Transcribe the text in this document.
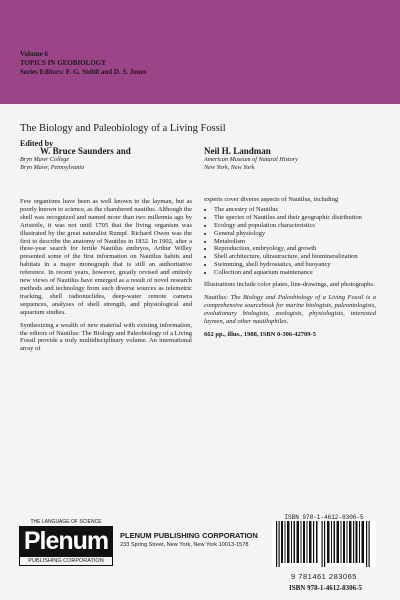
Volume 6
TOPICS IN GEOBIOLOGY
Series Editors: F. G. Stehli and D. S. Jones
The Biology and Paleobiology of a Living Fossil
Edited by
W. Bruce Saunders and
Bryn Mawr College
Bryn Mawr, Pennsylvania
Neil H. Landman
American Museum of Natural History
New York, New York

Few organisms have been as well known to the layman, but as poorly known to science, as the chambered nautilus. Although the shell was recognized and named more than two millennia ago by Aristotle, it was not until 1705 that the living organism was illustrated by the great naturalist Rumpf. Richard Owen was the first to describe the anatomy of Nautilus in 1832. In 1902, after a three-year search for fertile Nautilus embryos, Arthur Willey presented some of the first information on Nautilus habits and habitats in a major monograph that is still an authoritative reference. In recent years, however, greatly revised and entirely new views of Nautilus have emerged as a result of novel research methods and technology from such diverse sources as telemetric tracking, shell radionuclides, deep-water remote camera sequences, analyses of shell strength, and physiological and aquarium studies.

Synthesizing a wealth of new material with existing information, the editors of Nautilus: The Biology and Paleobiology of a Living Fossil provide a truly multidisciplinary volume. An international array of

experts cover diverse aspects of Nautilus, including

• The ancestry of Nautilus
• The species of Nautilus and their geographic distribution
• Ecology and population characteristics
• General physiology
• Metabolism
• Reproduction, embryology, and growth
• Shell architecture, ultrastructure, and biomineralization
• Swimming, shell hydrostatics, and buoyancy
• Collection and aquarium maintenance

Illustrations include color plates, line-drawings, and photographs.

Nautilus: The Biology and Paleobiology of a Living Fossil is a comprehensive sourcebook for marine biologists, paleontologists, evolutionary biologists, zoologists, physiologists, interested laymen, and other nautilophiles.

662 pp., illus., 1988, ISBN 0-306-42709-5

THE LANGUAGE OF SCIENCE
Plenum
PUBLISHING CORPORATION
PLENUM PUBLISHING CORPORATION
233 Spring Street, New York, New York 10013-1578
ISBN 978-1-4612-8306-5
9 781461 283065
ISBN 978-1-4612-8306-5
